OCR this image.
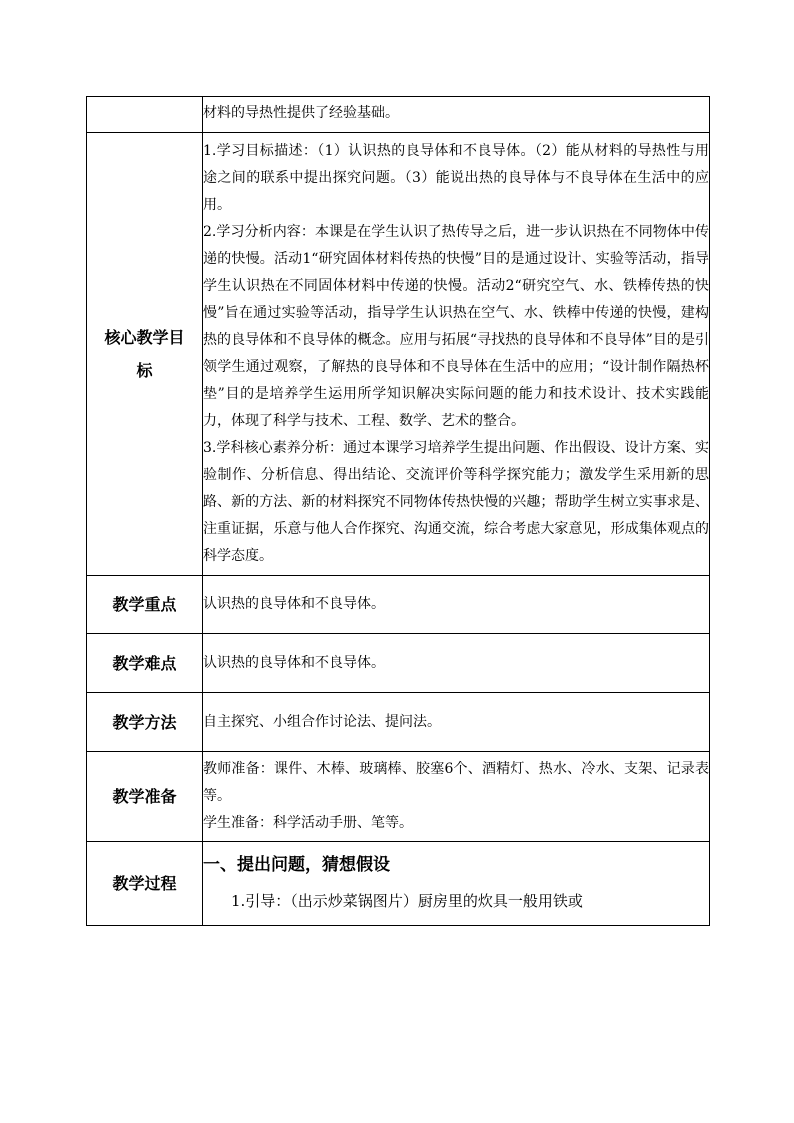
	材料的导热性提供了经验基础。

核心教学目标	1.学习目标描述：（1）认识热的良导体和不良导体。（2）能从材料的导热性与用途之间的联系中提出探究问题。（3）能说出热的良导体与不良导体在生活中的应用。

2.学习分析内容：本课是在学生认识了热传导之后，进一步认识热在不同物体中传递的快慢。活动1“研究固体材料传热的快慢”目的是通过设计、实验等活动，指导学生认识热在不同固体材料中传递的快慢。活动2“研究空气、水、铁棒传热的快慢”旨在通过实验等活动，指导学生认识热在空气、水、铁棒中传递的快慢，建构热的良导体和不良导体的概念。应用与拓展“寻找热的良导体和不良导体”目的是引领学生通过观察，了解热的良导体和不良导体在生活中的应用；“设计制作隔热杯垫”目的是培养学生运用所学知识解决实际问题的能力和技术设计、技术实践能力，体现了科学与技术、工程、数学、艺术的整合。

3.学科核心素养分析：通过本课学习培养学生提出问题、作出假设、设计方案、实验制作、分析信息、得出结论、交流评价等科学探究能力；激发学生采用新的思路、新的方法、新的材料探究不同物体传热快慢的兴趣；帮助学生树立实事求是、注重证据，乐意与他人合作探究、沟通交流，综合考虑大家意见，形成集体观点的科学态度。

教学重点	认识热的良导体和不良导体。
教学难点	认识热的良导体和不良导体。
教学方法	自主探究、小组合作讨论法、提问法。
教学准备	教师准备：课件、木棒、玻璃棒、胶塞6个、酒精灯、热水、冷水、支架、记录表等。

学生准备：科学活动手册、笔等。

教学过程	一、提出问题，猜想假设

1.引导：（出示炒菜锅图片）厨房里的炊具一般用铁或
